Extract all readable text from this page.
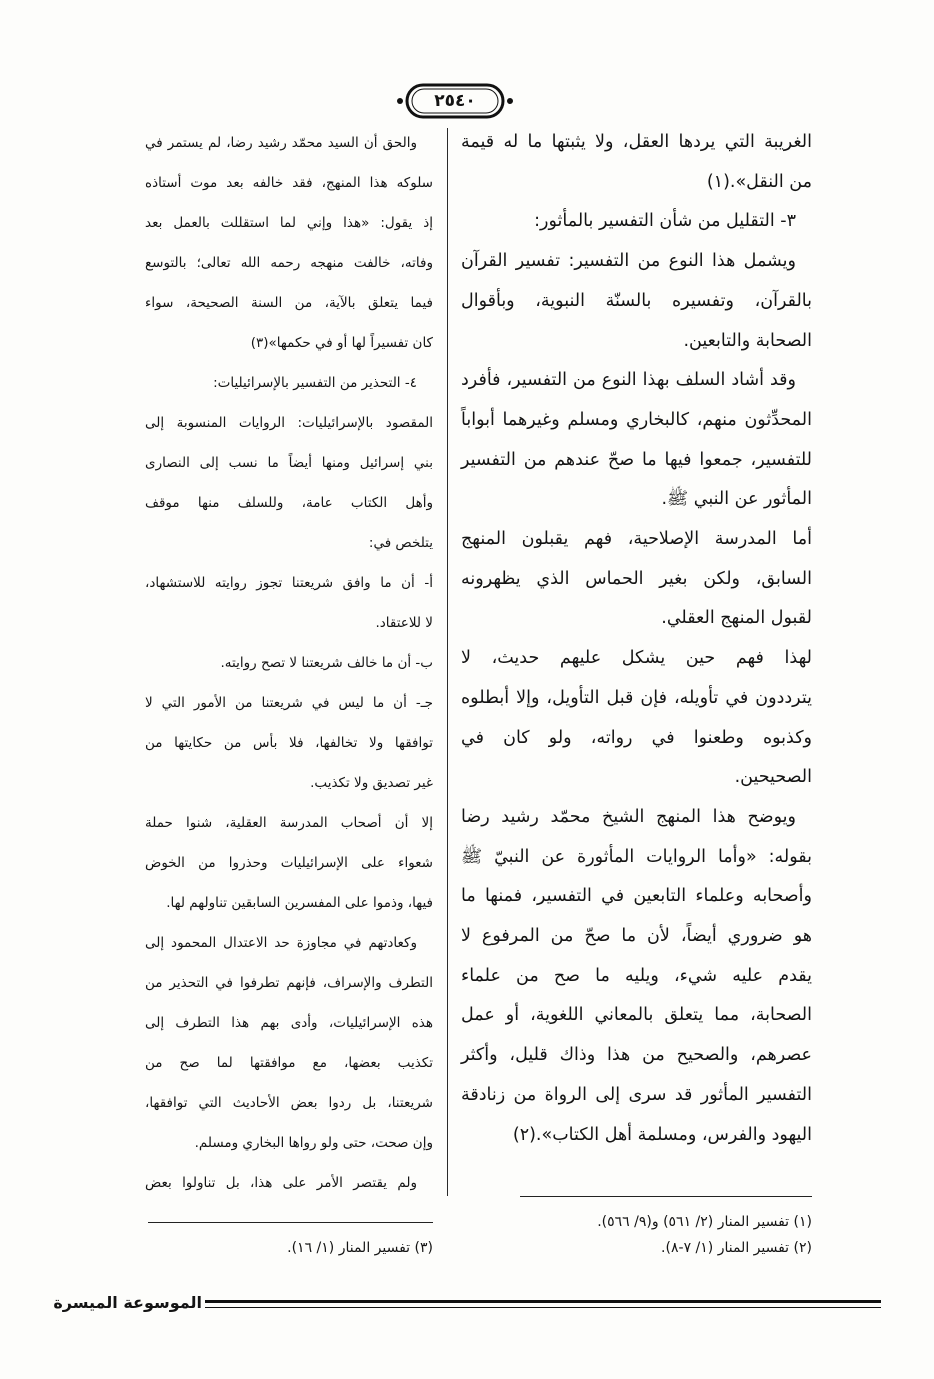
٢٥٤٠
الغريبة التي يردها العقل، ولا يثبتها ما له قيمة
من النقل».(١)
٣- التقليل من شأن التفسير بالمأثور:
ويشمل هذا النوع من التفسير: تفسير القرآن
بالقرآن، وتفسيره بالسنّة النبوية، وبأقوال
الصحابة والتابعين.
وقد أشاد السلف بهذا النوع من التفسير، فأفرد
المحدِّثون منهم، كالبخاري ومسلم وغيرهما أبواباً
للتفسير، جمعوا فيها ما صحّ عندهم من التفسير
المأثور عن النبي ﷺ.
أما المدرسة الإصلاحية، فهم يقبلون المنهج
السابق، ولكن بغير الحماس الذي يظهرونه
لقبول المنهج العقلي.
لهذا فهم حين يشكل عليهم حديث، لا
يترددون في تأويله، فإن قبل التأويل، وإلا أبطلوه
وكذبوه وطعنوا في رواته، ولو كان في
الصحيحين.
ويوضح هذا المنهج الشيخ محمّد رشيد رضا
بقوله: «وأما الروايات المأثورة عن النبيّ ﷺ
وأصحابه وعلماء التابعين في التفسير، فمنها ما
هو ضروري أيضاً، لأن ما صحّ من المرفوع لا
يقدم عليه شيء، ويليه ما صح من علماء
الصحابة، مما يتعلق بالمعاني اللغوية، أو عمل
عصرهم، والصحيح من هذا وذاك قليل، وأكثر
التفسير المأثور قد سرى إلى الرواة من زنادقة
اليهود والفرس، ومسلمة أهل الكتاب».(٢)
والحق أن السيد محمّد رشيد رضا، لم يستمر في
سلوكه هذا المنهج، فقد خالفه بعد موت أستاذه
إذ يقول: «هذا وإني لما استقللت بالعمل بعد
وفاته، خالفت منهجه رحمه الله تعالى؛ بالتوسع
فيما يتعلق بالآية، من السنة الصحيحة، سواء
كان تفسيراً لها أو في حكمها»(٣)
٤- التحذير من التفسير بالإسرائيليات:
المقصود بالإسرائيليات: الروايات المنسوبة إلى
بني إسرائيل ومنها أيضاً ما نسب إلى النصارى
وأهل الكتاب عامة، وللسلف منها موقف
يتلخص في:
أ- أن ما وافق شريعتنا تجوز روايته للاستشهاد،
لا للاعتقاد.
ب- أن ما خالف شريعتنا لا تصح روايته.
جـ- أن ما ليس في شريعتنا من الأمور التي لا
توافقها ولا تخالفها، فلا بأس من حكايتها من
غير تصديق ولا تكذيب.
إلا أن أصحاب المدرسة العقلية، شنوا حملة
شعواء على الإسرائيليات وحذروا من الخوض
فيها، وذموا على المفسرين السابقين تناولهم لها.
وكعادتهم في مجاوزة حد الاعتدال المحمود إلى
التطرف والإسراف، فإنهم تطرفوا في التحذير من
هذه الإسرائيليات، وأدى بهم هذا التطرف إلى
تكذيب بعضها، مع موافقتها لما صح من
شريعتنا، بل ردوا بعض الأحاديث التي توافقها،
وإن صحت، حتى ولو رواها البخاري ومسلم.
ولم يقتصر الأمر على هذا، بل تناولوا بعض
(١) تفسير المنار (٢/ ٥٦١) و(٩/ ٥٦٦).
(٢) تفسير المنار (١/ ٧-٨).
(٣) تفسير المنار (١/ ١٦).
الموسوعة الميسرة
